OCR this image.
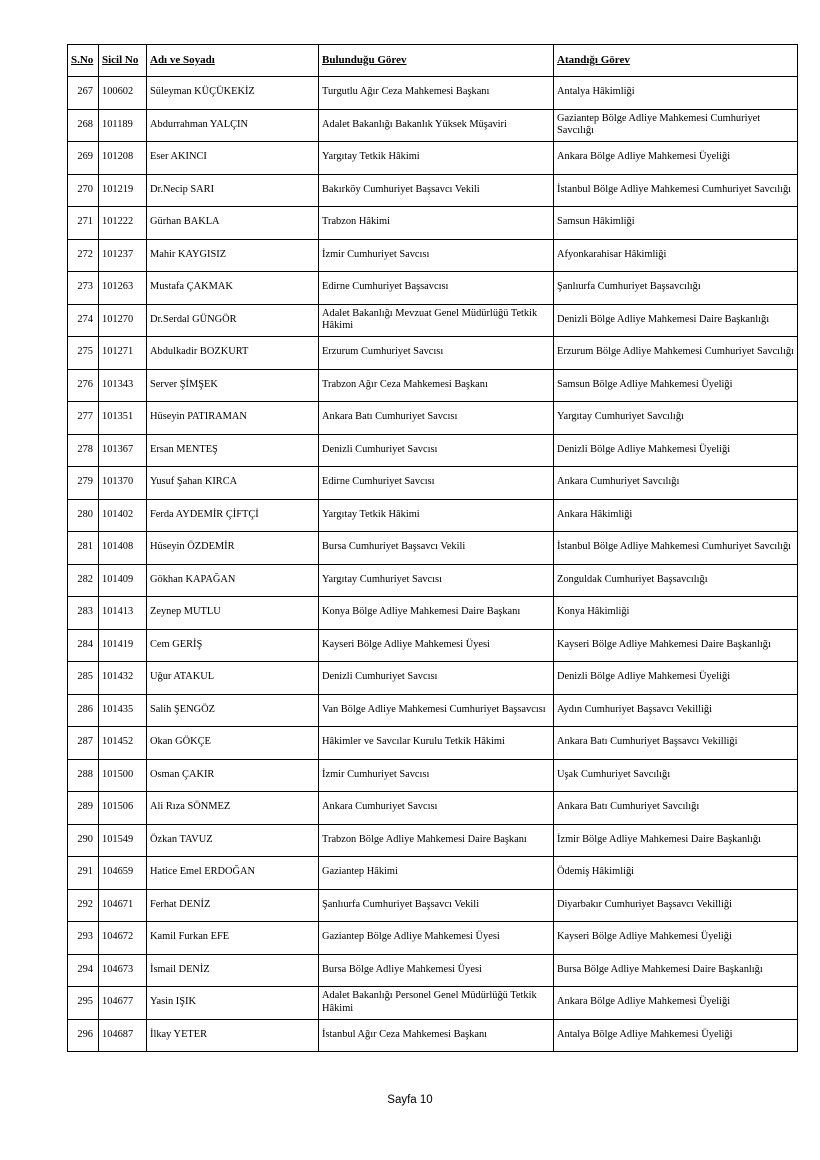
S.No	Sicil No	Adı ve Soyadı	Bulunduğu Görev	Atandığı Görev
267	100602	Süleyman KÜÇÜKEKİZ	Turgutlu Ağır Ceza Mahkemesi Başkanı	Antalya Hâkimliği
268	101189	Abdurrahman YALÇIN	Adalet Bakanlığı Bakanlık Yüksek Müşaviri	Gaziantep Bölge Adliye Mahkemesi Cumhuriyet Savcılığı
269	101208	Eser AKINCI	Yargıtay Tetkik Hâkimi	Ankara Bölge Adliye Mahkemesi Üyeliği
270	101219	Dr.Necip SARI	Bakırköy Cumhuriyet Başsavcı Vekili	İstanbul Bölge Adliye Mahkemesi Cumhuriyet Savcılığı
271	101222	Gürhan BAKLA	Trabzon Hâkimi	Samsun Hâkimliği
272	101237	Mahir KAYGISIZ	İzmir Cumhuriyet Savcısı	Afyonkarahisar Hâkimliği
273	101263	Mustafa ÇAKMAK	Edirne Cumhuriyet Başsavcısı	Şanlıurfa Cumhuriyet Başsavcılığı
274	101270	Dr.Serdal GÜNGÖR	Adalet Bakanlığı Mevzuat Genel Müdürlüğü Tetkik Hâkimi	Denizli Bölge Adliye Mahkemesi Daire Başkanlığı
275	101271	Abdulkadir BOZKURT	Erzurum Cumhuriyet Savcısı	Erzurum Bölge Adliye Mahkemesi Cumhuriyet Savcılığı
276	101343	Server ŞİMŞEK	Trabzon Ağır Ceza Mahkemesi Başkanı	Samsun Bölge Adliye Mahkemesi Üyeliği
277	101351	Hüseyin PATIRAMAN	Ankara Batı Cumhuriyet Savcısı	Yargıtay Cumhuriyet Savcılığı
278	101367	Ersan MENTEŞ	Denizli Cumhuriyet Savcısı	Denizli Bölge Adliye Mahkemesi Üyeliği
279	101370	Yusuf Şahan KIRCA	Edirne Cumhuriyet Savcısı	Ankara Cumhuriyet Savcılığı
280	101402	Ferda AYDEMİR ÇİFTÇİ	Yargıtay Tetkik Hâkimi	Ankara Hâkimliği
281	101408	Hüseyin ÖZDEMİR	Bursa Cumhuriyet Başsavcı Vekili	İstanbul Bölge Adliye Mahkemesi Cumhuriyet Savcılığı
282	101409	Gökhan KAPAĞAN	Yargıtay Cumhuriyet Savcısı	Zonguldak Cumhuriyet Başsavcılığı
283	101413	Zeynep MUTLU	Konya Bölge Adliye Mahkemesi Daire Başkanı	Konya Hâkimliği
284	101419	Cem GERİŞ	Kayseri Bölge Adliye Mahkemesi Üyesi	Kayseri Bölge Adliye Mahkemesi Daire Başkanlığı
285	101432	Uğur ATAKUL	Denizli Cumhuriyet Savcısı	Denizli Bölge Adliye Mahkemesi Üyeliği
286	101435	Salih ŞENGÖZ	Van Bölge Adliye Mahkemesi Cumhuriyet Başsavcısı	Aydın Cumhuriyet Başsavcı Vekilliği
287	101452	Okan GÖKÇE	Hâkimler ve Savcılar Kurulu Tetkik Hâkimi	Ankara Batı Cumhuriyet Başsavcı Vekilliği
288	101500	Osman ÇAKIR	İzmir Cumhuriyet Savcısı	Uşak Cumhuriyet Savcılığı
289	101506	Ali Rıza SÖNMEZ	Ankara Cumhuriyet Savcısı	Ankara Batı Cumhuriyet Savcılığı
290	101549	Özkan TAVUZ	Trabzon Bölge Adliye Mahkemesi Daire Başkanı	İzmir Bölge Adliye Mahkemesi Daire Başkanlığı
291	104659	Hatice Emel ERDOĞAN	Gaziantep Hâkimi	Ödemiş Hâkimliği
292	104671	Ferhat DENİZ	Şanlıurfa Cumhuriyet Başsavcı Vekili	Diyarbakır Cumhuriyet Başsavcı Vekilliği
293	104672	Kamil Furkan EFE	Gaziantep Bölge Adliye Mahkemesi Üyesi	Kayseri Bölge Adliye Mahkemesi Üyeliği
294	104673	İsmail DENİZ	Bursa Bölge Adliye Mahkemesi Üyesi	Bursa Bölge Adliye Mahkemesi Daire Başkanlığı
295	104677	Yasin IŞIK	Adalet Bakanlığı Personel Genel Müdürlüğü Tetkik Hâkimi	Ankara Bölge Adliye Mahkemesi Üyeliği
296	104687	İlkay YETER	İstanbul Ağır Ceza Mahkemesi Başkanı	Antalya Bölge Adliye Mahkemesi Üyeliği
Sayfa 10
